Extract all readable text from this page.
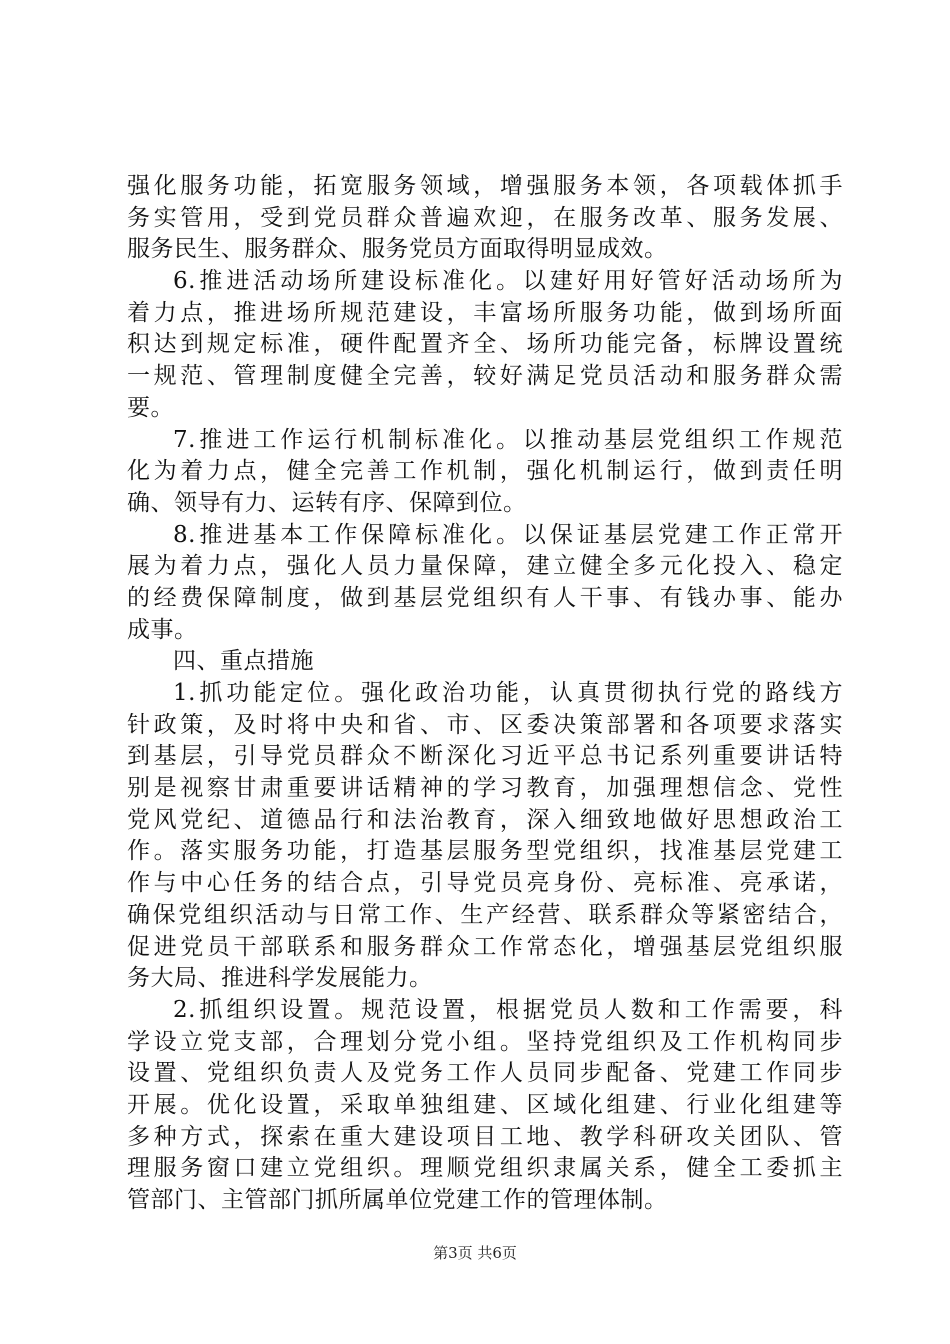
强化服务功能，拓宽服务领域，增强服务本领，各项载体抓手
务实管用，受到党员群众普遍欢迎，在服务改革、服务发展、
服务民生、服务群众、服务党员方面取得明显成效。
6.推进活动场所建设标准化。以建好用好管好活动场所为
着力点，推进场所规范建设，丰富场所服务功能，做到场所面
积达到规定标准，硬件配置齐全、场所功能完备，标牌设置统
一规范、管理制度健全完善，较好满足党员活动和服务群众需
要。
7.推进工作运行机制标准化。以推动基层党组织工作规范
化为着力点，健全完善工作机制，强化机制运行，做到责任明
确、领导有力、运转有序、保障到位。
8.推进基本工作保障标准化。以保证基层党建工作正常开
展为着力点，强化人员力量保障，建立健全多元化投入、稳定
的经费保障制度，做到基层党组织有人干事、有钱办事、能办
成事。
四、重点措施
1.抓功能定位。强化政治功能，认真贯彻执行党的路线方
针政策，及时将中央和省、市、区委决策部署和各项要求落实
到基层，引导党员群众不断深化习近平总书记系列重要讲话特
别是视察甘肃重要讲话精神的学习教育，加强理想信念、党性
党风党纪、道德品行和法治教育，深入细致地做好思想政治工
作。落实服务功能，打造基层服务型党组织，找准基层党建工
作与中心任务的结合点，引导党员亮身份、亮标准、亮承诺，
确保党组织活动与日常工作、生产经营、联系群众等紧密结合，
促进党员干部联系和服务群众工作常态化，增强基层党组织服
务大局、推进科学发展能力。
2.抓组织设置。规范设置，根据党员人数和工作需要，科
学设立党支部，合理划分党小组。坚持党组织及工作机构同步
设置、党组织负责人及党务工作人员同步配备、党建工作同步
开展。优化设置，采取单独组建、区域化组建、行业化组建等
多种方式，探索在重大建设项目工地、教学科研攻关团队、管
理服务窗口建立党组织。理顺党组织隶属关系，健全工委抓主
管部门、主管部门抓所属单位党建工作的管理体制。
第3页 共6页
